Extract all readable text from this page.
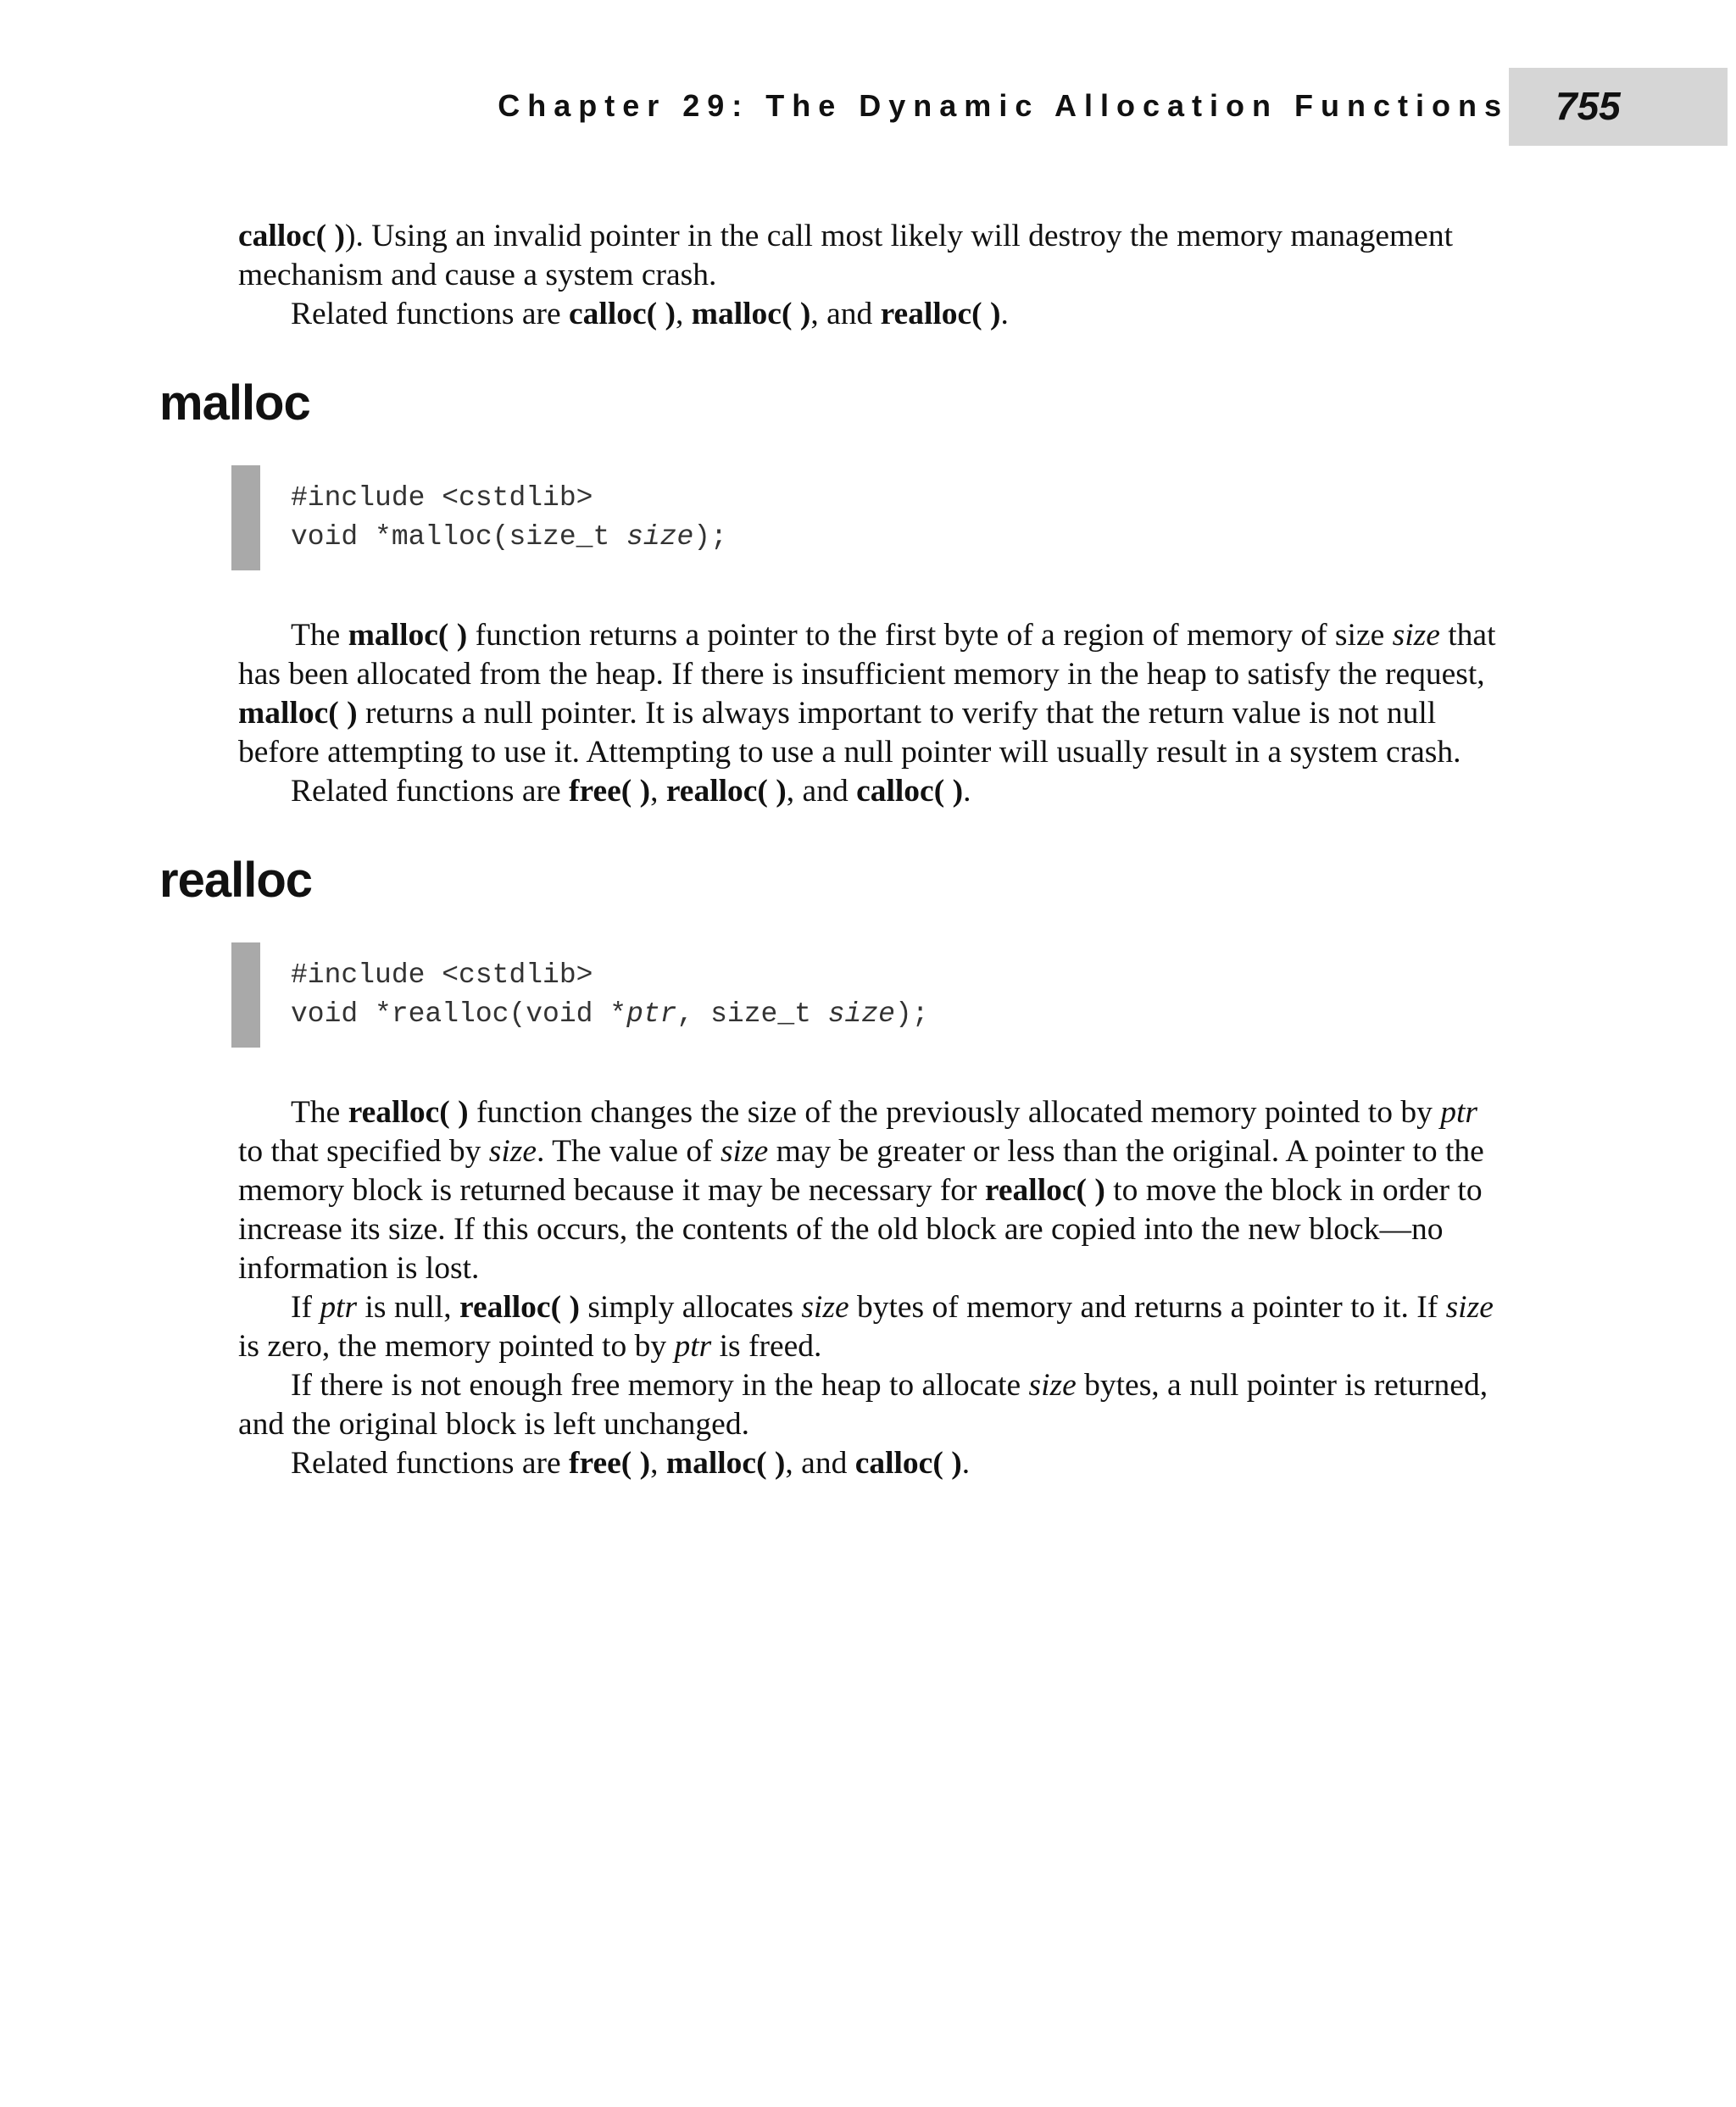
Chapter 29: The Dynamic Allocation Functions 755

calloc( )). Using an invalid pointer in the call most likely will destroy the memory management mechanism and cause a system crash.

Related functions are calloc( ), malloc( ), and realloc( ).

malloc
#include <cstdlib>
void *malloc(size_t size);

The malloc( ) function returns a pointer to the first byte of a region of memory of size size that has been allocated from the heap. If there is insufficient memory in the heap to satisfy the request, malloc( ) returns a null pointer. It is always important to verify that the return value is not null before attempting to use it. Attempting to use a null pointer will usually result in a system crash.

Related functions are free( ), realloc( ), and calloc( ).

realloc
#include <cstdlib>
void *realloc(void *ptr, size_t size);

The realloc( ) function changes the size of the previously allocated memory pointed to by ptr to that specified by size. The value of size may be greater or less than the original. A pointer to the memory block is returned because it may be necessary for realloc( ) to move the block in order to increase its size. If this occurs, the contents of the old block are copied into the new block—no information is lost.

If ptr is null, realloc( ) simply allocates size bytes of memory and returns a pointer to it. If size is zero, the memory pointed to by ptr is freed.

If there is not enough free memory in the heap to allocate size bytes, a null pointer is returned, and the original block is left unchanged.

Related functions are free( ), malloc( ), and calloc( ).
